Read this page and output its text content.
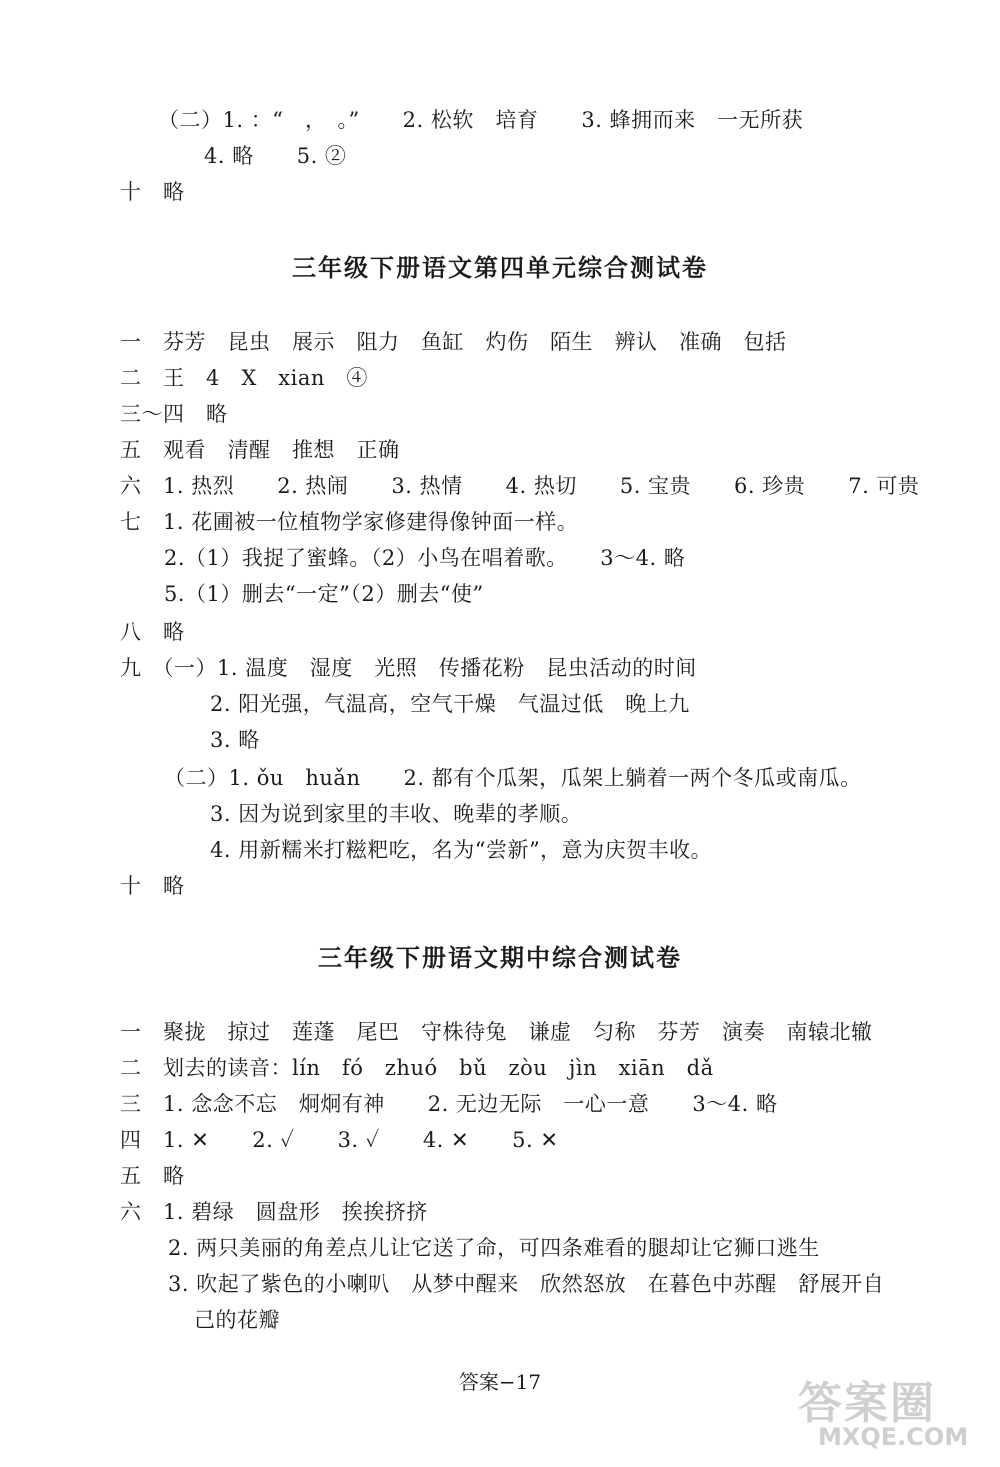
（二）1. ：“　，　。”　　2. 松软　培育　　3. 蜂拥而来　一无所获
4. 略　　5. ②
十　略
三年级下册语文第四单元综合测试卷
一　芬芳　昆虫　展示　阻力　鱼缸　灼伤　陌生　辨认　准确　包括
二　王　4　X　xian　④
三～四　略
五　观看　清醒　推想　正确
六　1. 热烈　　2. 热闹　　3. 热情　　4. 热切　　5. 宝贵　　6. 珍贵　　7. 可贵
七　1. 花圃被一位植物学家修建得像钟面一样。
2.（1）我捉了蜜蜂。（2）小鸟在唱着歌。　　3～4. 略
5.（1）删去“一定”（2）删去“使”
八　略
九　（一）1. 温度　湿度　光照　传播花粉　昆虫活动的时间
2. 阳光强，气温高，空气干燥　气温过低　晚上九
3. 略
（二）1. ǒu　huǎn　　2. 都有个瓜架，瓜架上躺着一两个冬瓜或南瓜。
3. 因为说到家里的丰收、晚辈的孝顺。
4. 用新糯米打糍粑吃，名为“尝新”，意为庆贺丰收。
十　略
三年级下册语文期中综合测试卷
一　聚拢　掠过　莲蓬　尾巴　守株待兔　谦虚　匀称　芬芳　演奏　南辕北辙
二　划去的读音：lín　fó　zhuó　bǔ　zòu　jìn　xiān　dǎ
三　1. 念念不忘　炯炯有神　　2. 无边无际　一心一意　　3～4. 略
四　1. ✕　　2. ✓　　3. ✓　　4. ✕　　5. ✕
五　略
六　1. 碧绿　圆盘形　挨挨挤挤
2. 两只美丽的角差点儿让它送了命，可四条难看的腿却让它狮口逃生
3. 吹起了紫色的小喇叭　从梦中醒来　欣然怒放　在暮色中苏醒　舒展开自
己的花瓣
答案−17	答案圈
MXQE.COM
